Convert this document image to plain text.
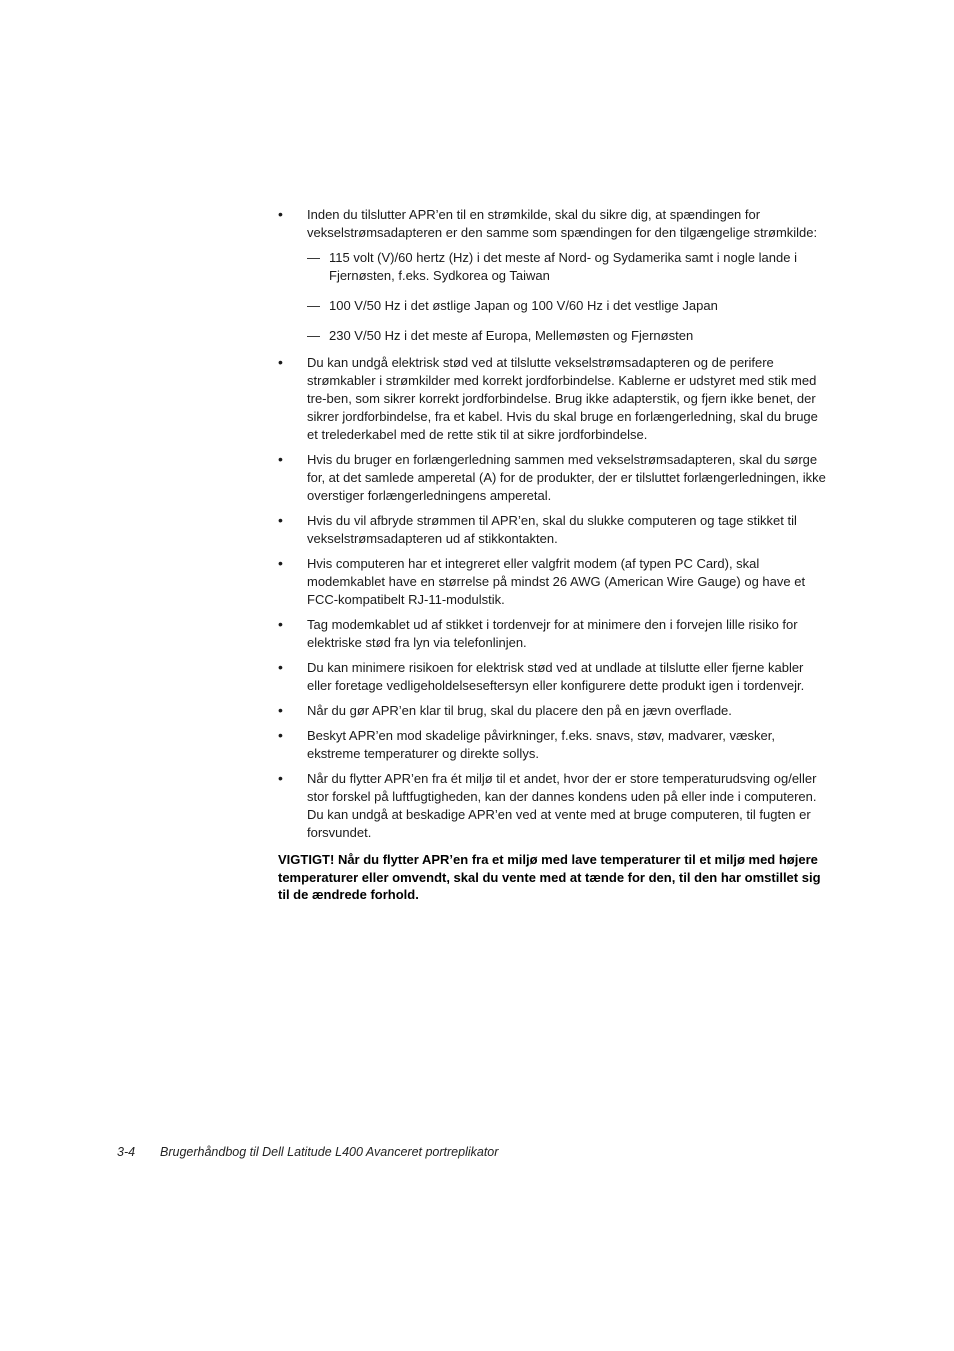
• Inden du tilslutter APR’en til en strømkilde, skal du sikre dig, at spændingen for vekselstrømsadapteren er den samme som spændingen for den tilgængelige strømkilde:
— 115 volt (V)/60 hertz (Hz) i det meste af Nord- og Sydamerika samt i nogle lande i Fjernøsten, f.eks. Sydkorea og Taiwan
— 100 V/50 Hz i det østlige Japan og 100 V/60 Hz i det vestlige Japan
— 230 V/50 Hz i det meste af Europa, Mellemøsten og Fjernøsten
• Du kan undgå elektrisk stød ved at tilslutte vekselstrømsadapteren og de perifere strømkabler i strømkilder med korrekt jordforbindelse. Kablerne er udstyret med stik med tre-ben, som sikrer korrekt jordforbindelse. Brug ikke adapterstik, og fjern ikke benet, der sikrer jordforbindelse, fra et kabel. Hvis du skal bruge en forlængerledning, skal du bruge et trelederkabel med de rette stik til at sikre jordforbindelse.
• Hvis du bruger en forlængerledning sammen med vekselstrømsadapteren, skal du sørge for, at det samlede amperetal (A) for de produkter, der er tilsluttet forlængerledningen, ikke overstiger forlængerledningens amperetal.
• Hvis du vil afbryde strømmen til APR’en, skal du slukke computeren og tage stikket til vekselstrømsadapteren ud af stikkontakten.
• Hvis computeren har et integreret eller valgfrit modem (af typen PC Card), skal modemkablet have en størrelse på mindst 26 AWG (American Wire Gauge) og have et FCC-kompatibelt RJ-11-modulstik.
• Tag modemkablet ud af stikket i tordenvejr for at minimere den i forvejen lille risiko for elektriske stød fra lyn via telefonlinjen.
• Du kan minimere risikoen for elektrisk stød ved at undlade at tilslutte eller fjerne kabler eller foretage vedligeholdelseseftersyn eller konfigurere dette produkt igen i tordenvejr.
• Når du gør APR’en klar til brug, skal du placere den på en jævn overflade.
• Beskyt APR’en mod skadelige påvirkninger, f.eks. snavs, støv, madvarer, væsker, ekstreme temperaturer og direkte sollys.
• Når du flytter APR’en fra ét miljø til et andet, hvor der er store temperaturudsving og/eller stor forskel på luftfugtigheden, kan der dannes kondens uden på eller inde i computeren. Du kan undgå at beskadige APR’en ved at vente med at bruge computeren, til fugten er forsvundet.

VIGTIGT! Når du flytter APR’en fra et miljø med lave temperaturer til et miljø med højere temperaturer eller omvendt, skal du vente med at tænde for den, til den har omstillet sig til de ændrede forhold.

3-4 Brugerhåndbog til Dell Latitude L400 Avanceret portreplikator
